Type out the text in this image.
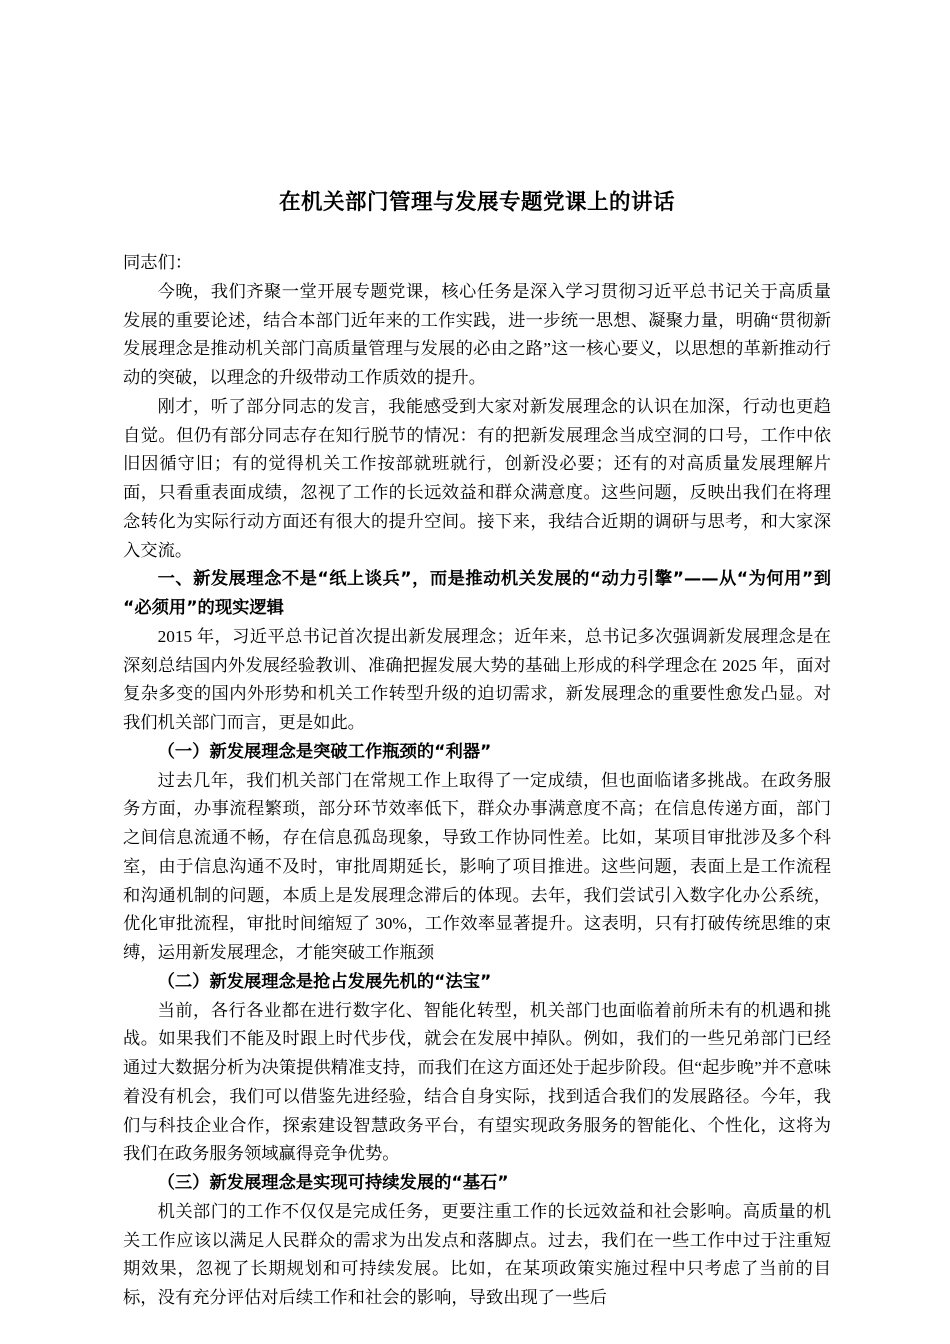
在机关部门管理与发展专题党课上的讲话

同志们：

今晚，我们齐聚一堂开展专题党课，核心任务是深入学习贯彻习近平总书记关于高质量发展的重要论述，结合本部门近年来的工作实践，进一步统一思想、凝聚力量，明确“贯彻新发展理念是推动机关部门高质量管理与发展的必由之路”这一核心要义，以思想的革新推动行动的突破，以理念的升级带动工作质效的提升。

刚才，听了部分同志的发言，我能感受到大家对新发展理念的认识在加深，行动也更趋自觉。但仍有部分同志存在知行脱节的情况：有的把新发展理念当成空洞的口号，工作中依旧因循守旧；有的觉得机关工作按部就班就行，创新没必要；还有的对高质量发展理解片面，只看重表面成绩，忽视了工作的长远效益和群众满意度。这些问题，反映出我们在将理念转化为实际行动方面还有很大的提升空间。接下来，我结合近期的调研与思考，和大家深入交流。

一、新发展理念不是“纸上谈兵”，而是推动机关发展的“动力引擎”——从“为何用”到“必须用”的现实逻辑

2015 年，习近平总书记首次提出新发展理念；近年来，总书记多次强调新发展理念是在深刻总结国内外发展经验教训、准确把握发展大势的基础上形成的科学理念在 2025 年，面对复杂多变的国内外形势和机关工作转型升级的迫切需求，新发展理念的重要性愈发凸显。对我们机关部门而言，更是如此。

（一）新发展理念是突破工作瓶颈的“利器”

过去几年，我们机关部门在常规工作上取得了一定成绩，但也面临诸多挑战。在政务服务方面，办事流程繁琐，部分环节效率低下，群众办事满意度不高；在信息传递方面，部门之间信息流通不畅，存在信息孤岛现象，导致工作协同性差。比如，某项目审批涉及多个科室，由于信息沟通不及时，审批周期延长，影响了项目推进。这些问题，表面上是工作流程和沟通机制的问题，本质上是发展理念滞后的体现。去年，我们尝试引入数字化办公系统，优化审批流程，审批时间缩短了 30%，工作效率显著提升。这表明，只有打破传统思维的束缚，运用新发展理念，才能突破工作瓶颈

（二）新发展理念是抢占发展先机的“法宝”

当前，各行各业都在进行数字化、智能化转型，机关部门也面临着前所未有的机遇和挑战。如果我们不能及时跟上时代步伐，就会在发展中掉队。例如，我们的一些兄弟部门已经通过大数据分析为决策提供精准支持，而我们在这方面还处于起步阶段。但“起步晚”并不意味着没有机会，我们可以借鉴先进经验，结合自身实际，找到适合我们的发展路径。今年，我们与科技企业合作，探索建设智慧政务平台，有望实现政务服务的智能化、个性化，这将为我们在政务服务领域赢得竞争优势。

（三）新发展理念是实现可持续发展的“基石”

机关部门的工作不仅仅是完成任务，更要注重工作的长远效益和社会影响。高质量的机关工作应该以满足人民群众的需求为出发点和落脚点。过去，我们在一些工作中过于注重短期效果，忽视了长期规划和可持续发展。比如，在某项政策实施过程中只考虑了当前的目标，没有充分评估对后续工作和社会的影响，导致出现了一些后
